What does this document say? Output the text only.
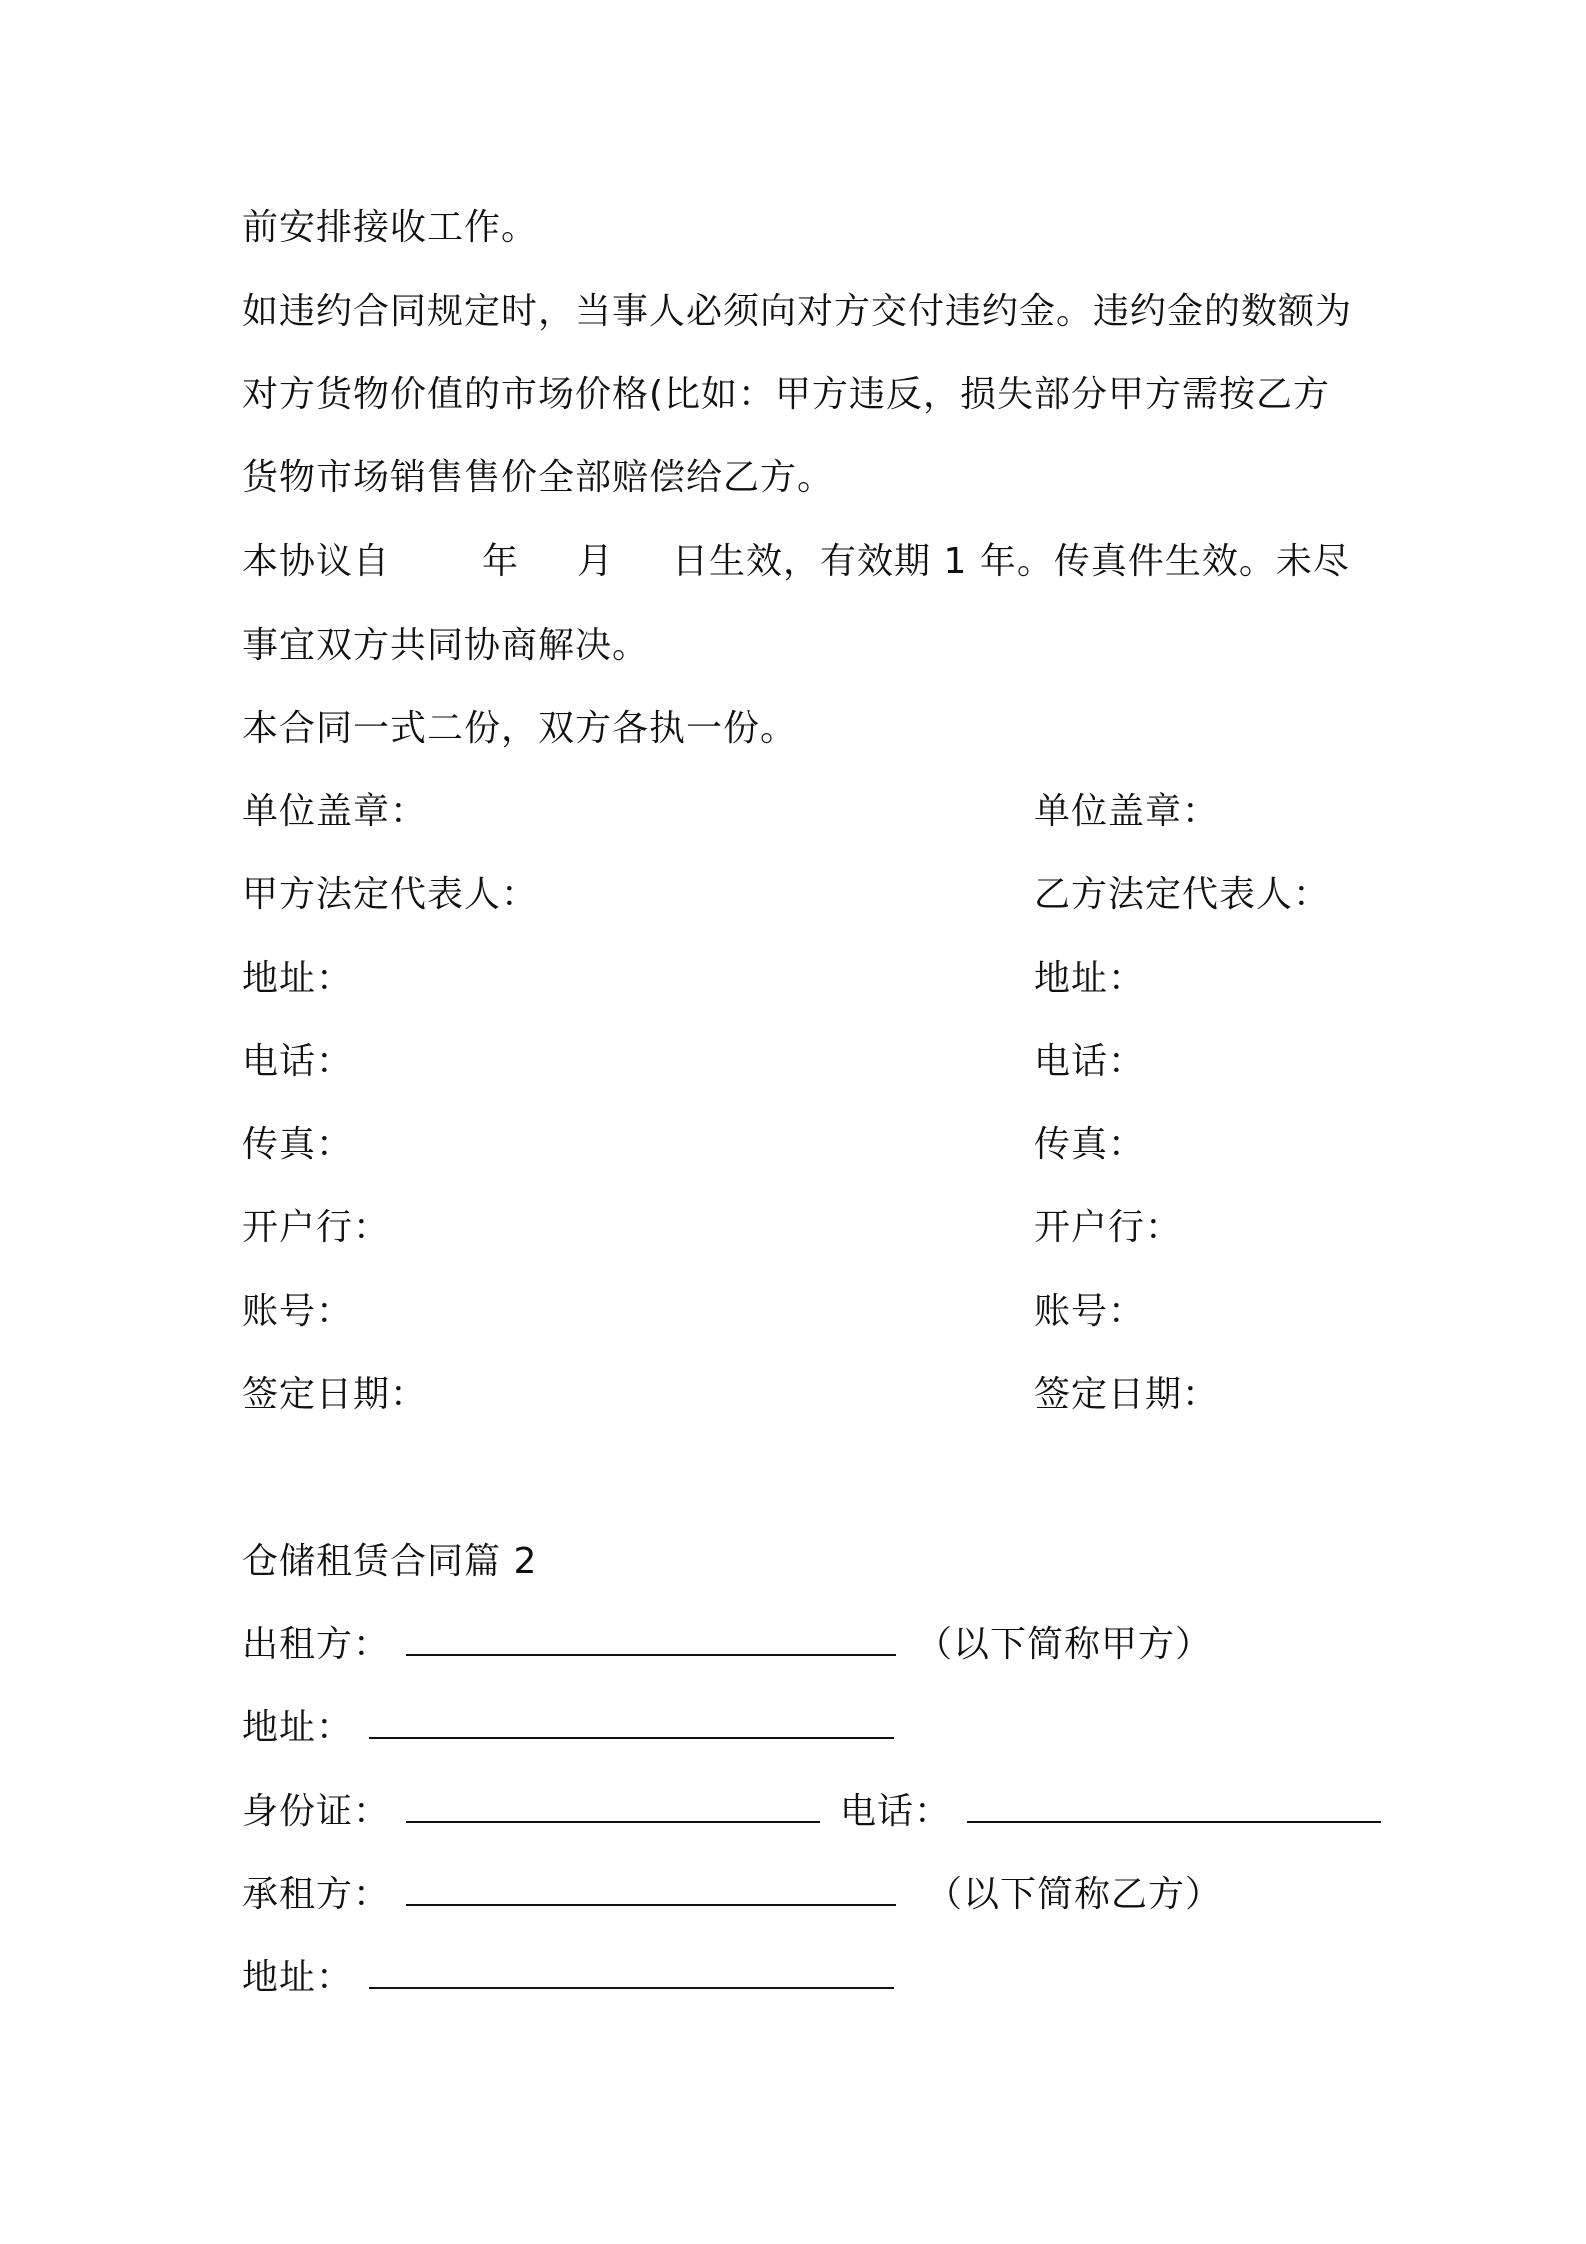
前安排接收工作。
如违约合同规定时，当事人必须向对方交付违约金。违约金的数额为
对方货物价值的市场价格(比如：甲方违反，损失部分甲方需按乙方
货物市场销售售价全部赔偿给乙方。
本协议自	年 月 日生效，有效期 1 年。传真件生效。未尽
事宜双方共同协商解决。
本合同一式二份，双方各执一份。
单位盖章：	单位盖章：
甲方法定代表人：	乙方法定代表人：
地址：	地址：
电话：	电话：
传真：	传真：
开户行：	开户行：
账号：	账号：
签定日期：	签定日期：
仓储租赁合同篇 2
出租方：	（以下简称甲方）
地址：
身份证：	电话：
承租方：	（以下简称乙方）
地址：
